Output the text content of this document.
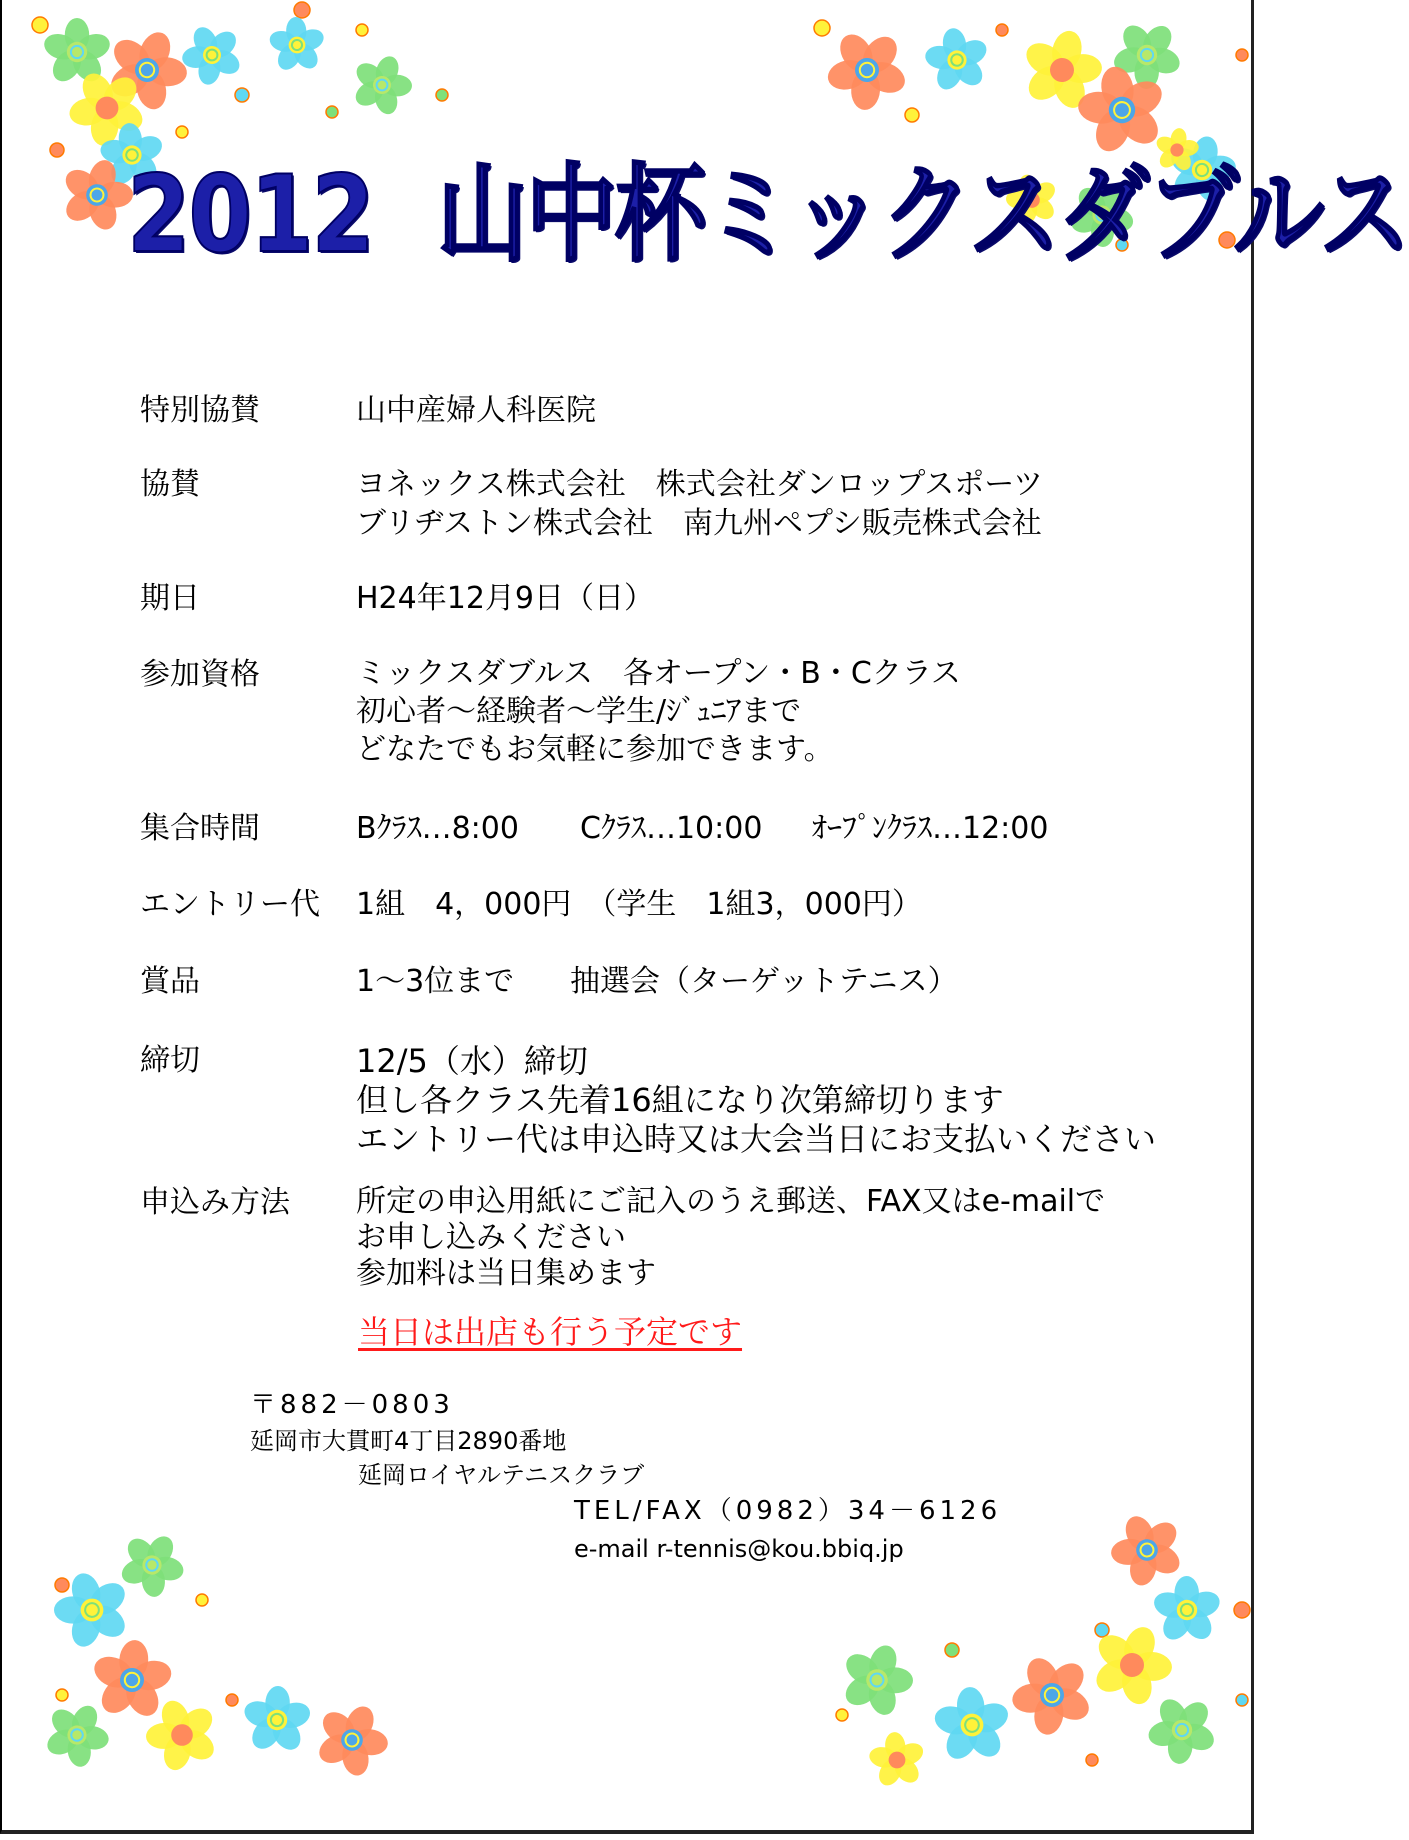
2012 山中杯ミックスダブルス
特別協賛	山中産婦人科医院
協賛	ヨネックス株式会社　株式会社ダンロップスポーツ
ブリヂストン株式会社　南九州ペプシ販売株式会社
期日	H24年12月9日（日）
参加資格	ミックスダブルス　各オープン・B・Cクラス
初心者～経験者～学生/ｼﾞｭﾆｱまで
どなたでもお気軽に参加できます。
集合時間	Bｸﾗｽ…8:00 Cｸﾗｽ…10:00 ｵｰﾌﾟﾝｸﾗｽ…12:00
エントリー代 1組　4，000円　（学生　1組3，000円）
賞品	1～3位まで 抽選会（ターゲットテニス）
締切	12/5（水）締切
但し各クラス先着16組になり次第締切ります
エントリー代は申込時又は大会当日にお支払いください
申込み方法 所定の申込用紙にご記入のうえ郵送、FAX又はe-mailで
お申し込みください
参加料は当日集めます
当日は出店も行う予定です
〒882－0803
延岡市大貫町4丁目2890番地
延岡ロイヤルテニスクラブ
TEL/FAX（0982）34－6126
e-mail r-tennis@kou.bbiq.jp
